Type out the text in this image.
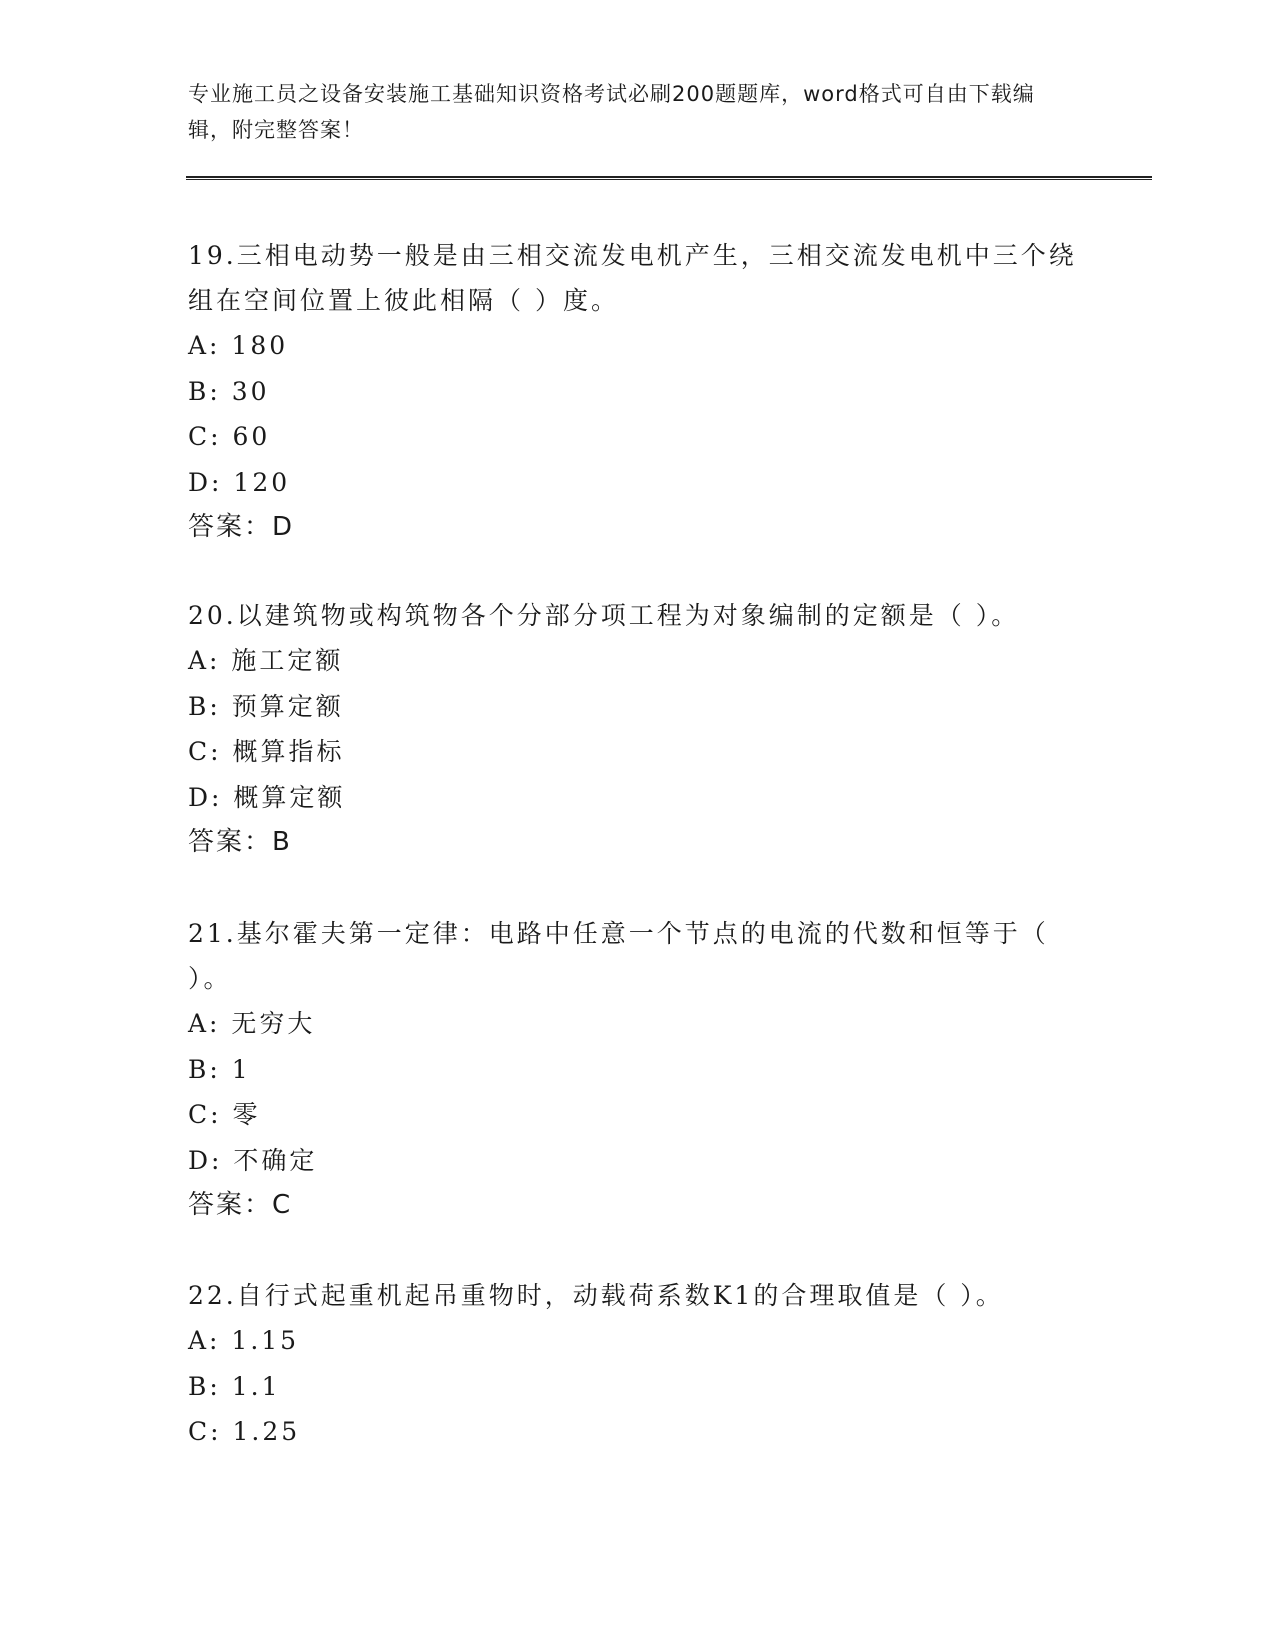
专业施工员之设备安装施工基础知识资格考试必刷200题题库，word格式可自由下载编辑，附完整答案！

19.三相电动势一般是由三相交流发电机产生，三相交流发电机中三个绕组在空间位置上彼此相隔（ ）度。

A: 180

B: 30

C: 60

D: 120

答案：D

20.以建筑物或构筑物各个分部分项工程为对象编制的定额是（ ）。

A: 施工定额

B: 预算定额

C: 概算指标

D: 概算定额

答案：B

21.基尔霍夫第一定律：电路中任意一个节点的电流的代数和恒等于（ ）。

A: 无穷大

B: 1

C: 零

D: 不确定

答案：C

22.自行式起重机起吊重物时，动载荷系数K1的合理取值是（ ）。

A: 1.15

B: 1.1

C: 1.25
